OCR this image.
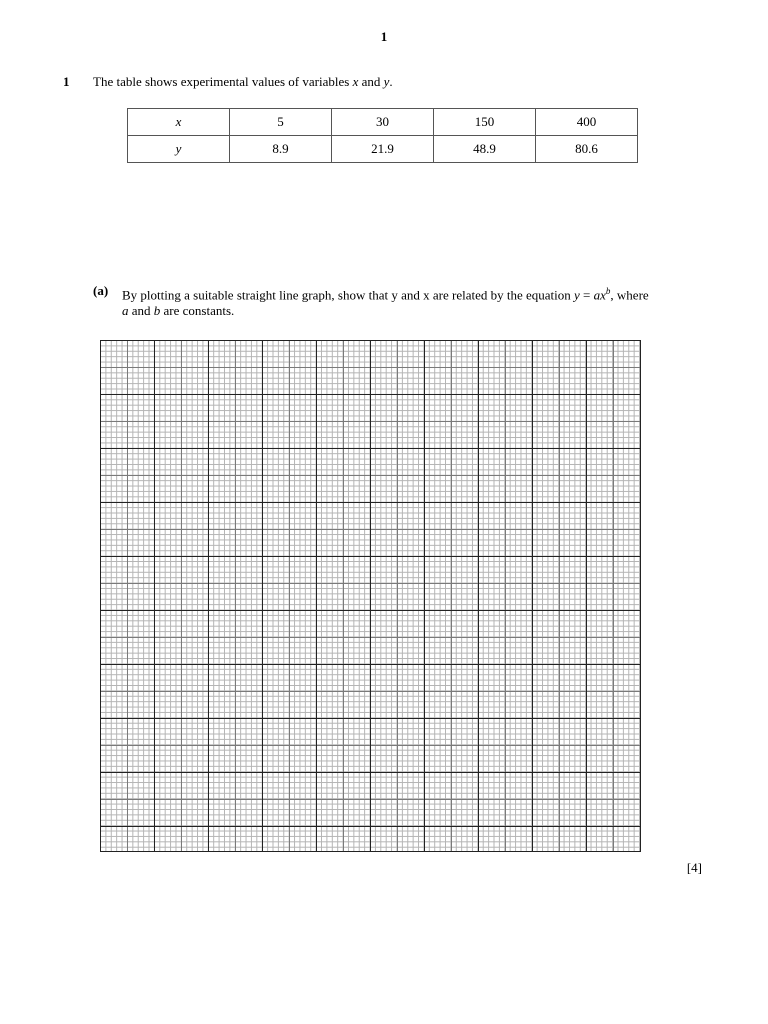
1
1 The table shows experimental values of variables x and y.
x	5	30	150	400
y	8.9	21.9	48.9	80.6
(a) By plotting a suitable straight line graph, show that y and x are related by the equation $y = ax^b$, where
a and b are constants.
[4]
